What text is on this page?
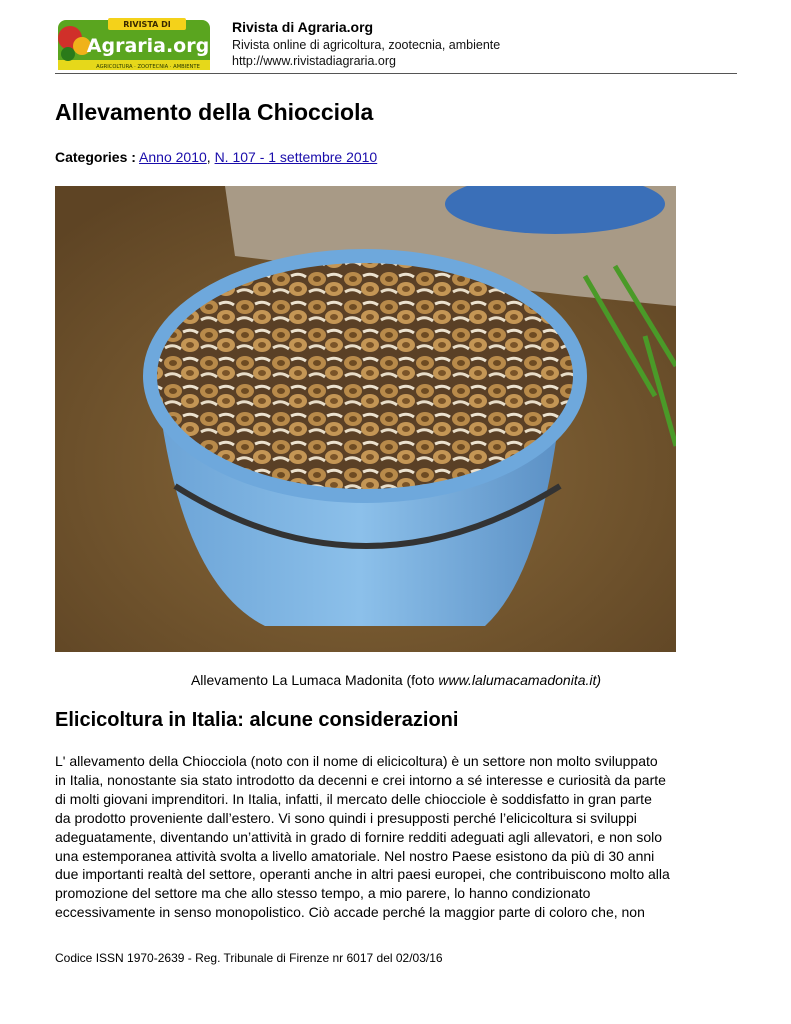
RIVISTA DI
Agraria.org
AGRICOLTURA · ZOOTECNIA · AMBIENTE
Rivista di Agraria.org
Rivista online di agricoltura, zootecnia, ambiente
http://www.rivistadiagraria.org
Allevamento della Chiocciola
Categories : Anno 2010, N. 107 - 1 settembre 2010
Allevamento La Lumaca Madonita (foto www.lalumacamadonita.it)
Elicicoltura in Italia: alcune considerazioni
L' allevamento della Chiocciola (noto con il nome di elicicoltura) è un settore non molto sviluppato
in Italia, nonostante sia stato introdotto da decenni e crei intorno a sé interesse e curiosità da parte
di molti giovani imprenditori. In Italia, infatti, il mercato delle chiocciole è soddisfatto in gran parte
da prodotto proveniente dall’estero. Vi sono quindi i presupposti perché l’elicicoltura si sviluppi
adeguatamente, diventando un’attività in grado di fornire redditi adeguati agli allevatori, e non solo
una estemporanea attività svolta a livello amatoriale. Nel nostro Paese esistono da più di 30 anni
due importanti realtà del settore, operanti anche in altri paesi europei, che contribuiscono molto alla
promozione del settore ma che allo stesso tempo, a mio parere, lo hanno condizionato
eccessivamente in senso monopolistico. Ciò accade perché la maggior parte di coloro che, non
Codice ISSN 1970-2639 - Reg. Tribunale di Firenze nr 6017 del 02/03/16
